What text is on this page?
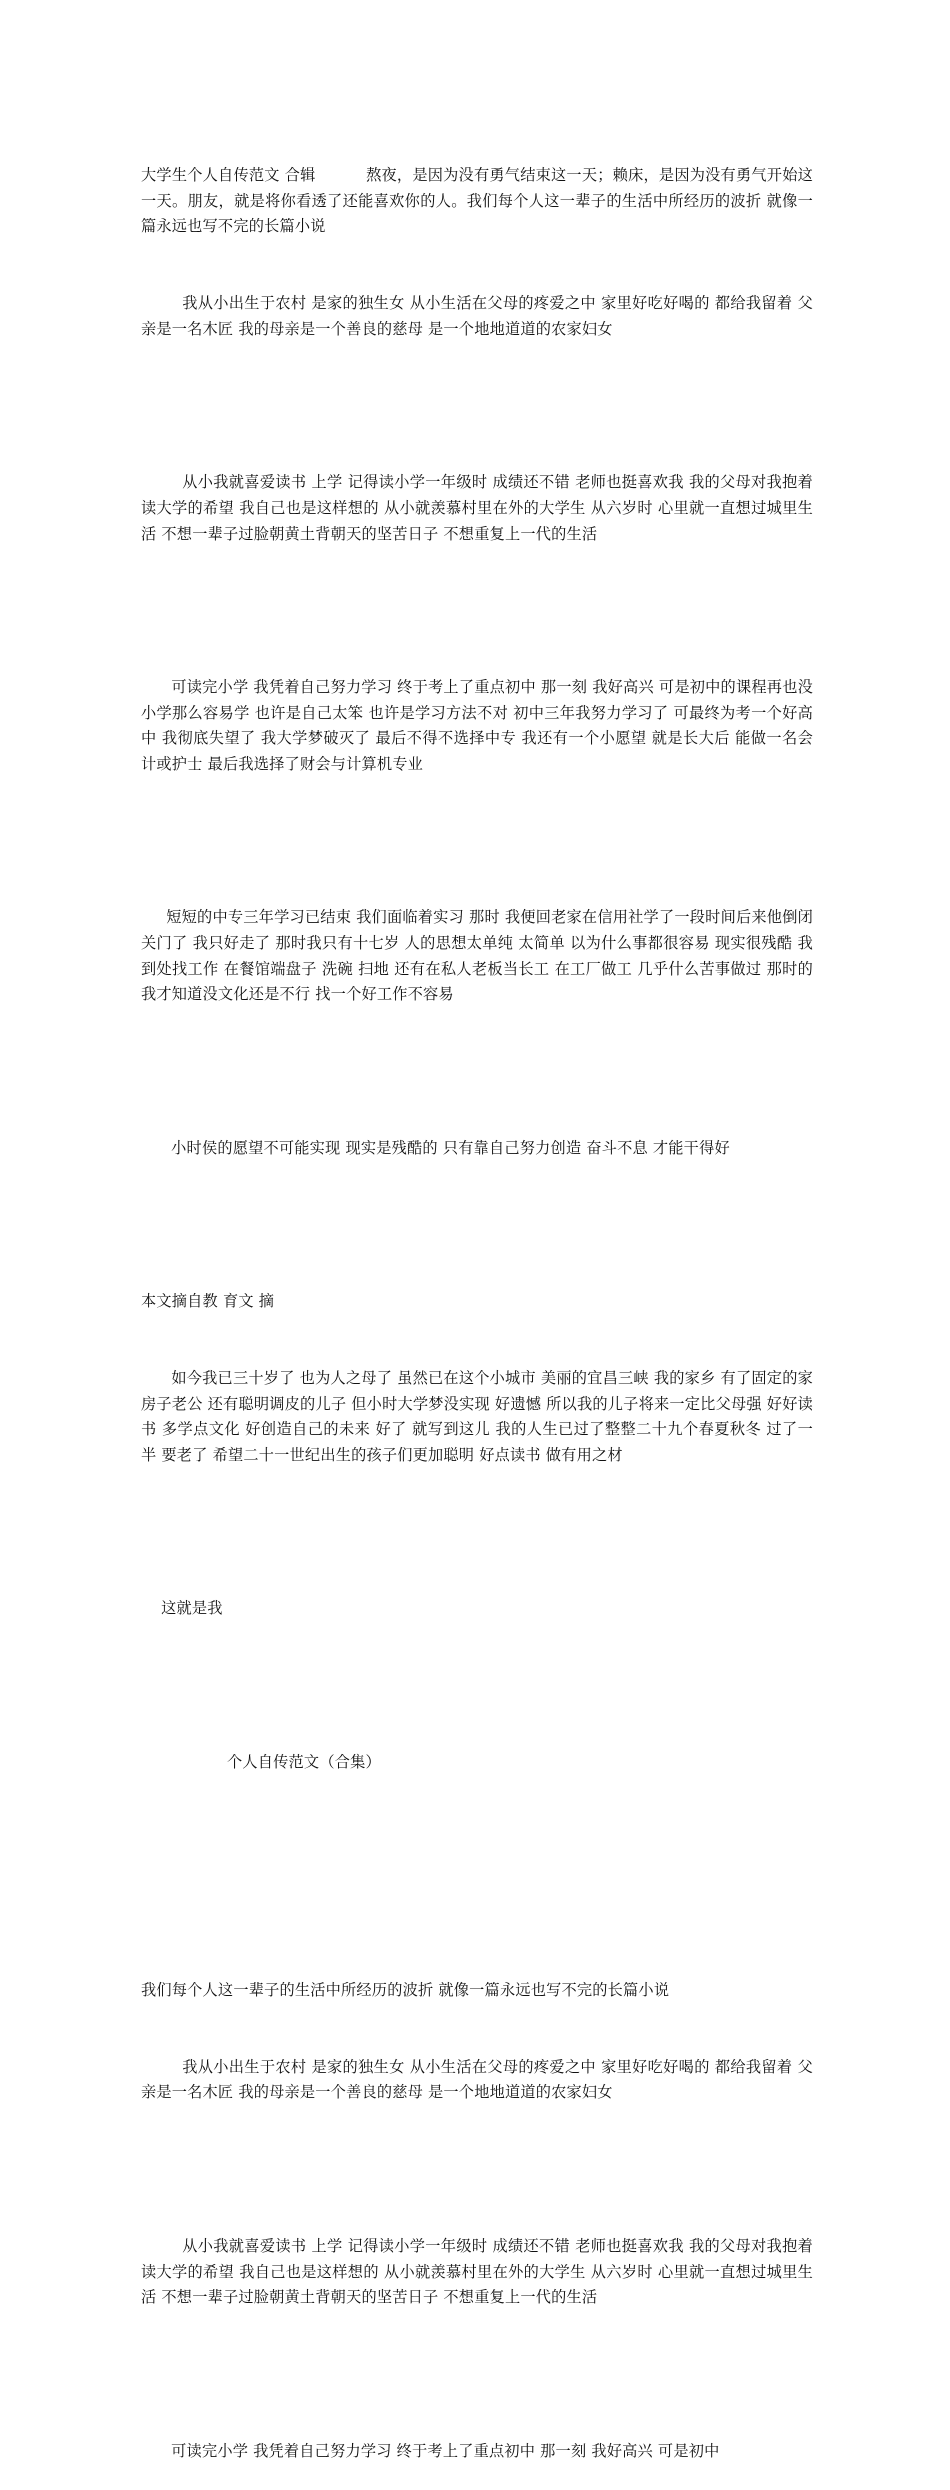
大学生个人自传范文 合辑          熬夜，是因为没有勇气结束这一天；赖床，是因为没有勇气开始这一天。朋友，就是将你看透了还能喜欢你的人。我们每个人这一辈子的生活中所经历的波折 就像一篇永远也写不完的长篇小说

我从小出生于农村 是家的独生女 从小生活在父母的疼爱之中 家里好吃好喝的 都给我留着 父亲是一名木匠 我的母亲是一个善良的慈母 是一个地地道道的农家妇女

从小我就喜爱读书 上学 记得读小学一年级时 成绩还不错 老师也挺喜欢我 我的父母对我抱着读大学的希望 我自己也是这样想的 从小就羡慕村里在外的大学生 从六岁时 心里就一直想过城里生活 不想一辈子过脸朝黄土背朝天的坚苦日子 不想重复上一代的生活

可读完小学 我凭着自己努力学习 终于考上了重点初中 那一刻 我好高兴 可是初中的课程再也没小学那么容易学 也许是自己太笨 也许是学习方法不对 初中三年我努力学习了 可最终为考一个好高中 我彻底失望了 我大学梦破灭了 最后不得不选择中专 我还有一个小愿望 就是长大后 能做一名会计或护士 最后我选择了财会与计算机专业

短短的中专三年学习已结束 我们面临着实习 那时 我便回老家在信用社学了一段时间后来他倒闭关门了 我只好走了 那时我只有十七岁 人的思想太单纯 太简单 以为什么事都很容易 现实很残酷 我到处找工作 在餐馆端盘子 洗碗 扫地 还有在私人老板当长工 在工厂做工 几乎什么苦事做过 那时的我才知道没文化还是不行 找一个好工作不容易

小时侯的愿望不可能实现 现实是残酷的 只有靠自己努力创造 奋斗不息 才能干得好

本文摘自教 育文 摘

如今我已三十岁了 也为人之母了 虽然已在这个小城市 美丽的宜昌三峡 我的家乡 有了固定的家 房子老公 还有聪明调皮的儿子 但小时大学梦没实现 好遗憾 所以我的儿子将来一定比父母强 好好读书 多学点文化 好创造自己的未来 好了 就写到这儿 我的人生已过了整整二十九个春夏秋冬 过了一半 要老了 希望二十一世纪出生的孩子们更加聪明 好点读书 做有用之材

这就是我

个人自传范文（合集）

我们每个人这一辈子的生活中所经历的波折 就像一篇永远也写不完的长篇小说

我从小出生于农村 是家的独生女 从小生活在父母的疼爱之中 家里好吃好喝的 都给我留着 父亲是一名木匠 我的母亲是一个善良的慈母 是一个地地道道的农家妇女

从小我就喜爱读书 上学 记得读小学一年级时 成绩还不错 老师也挺喜欢我 我的父母对我抱着读大学的希望 我自己也是这样想的 从小就羡慕村里在外的大学生 从六岁时 心里就一直想过城里生活 不想一辈子过脸朝黄土背朝天的坚苦日子 不想重复上一代的生活

可读完小学 我凭着自己努力学习 终于考上了重点初中 那一刻 我好高兴 可是初中
